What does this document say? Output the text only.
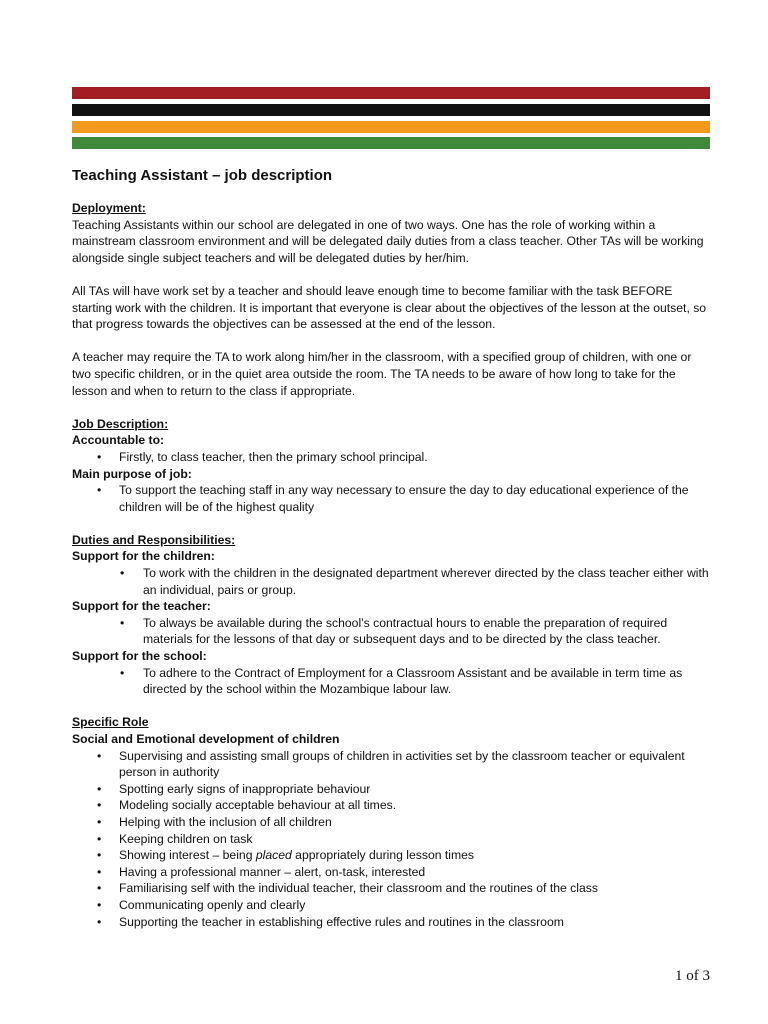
Teaching Assistant – job description
Deployment:

Teaching Assistants within our school are delegated in one of two ways. One has the role of working within a mainstream classroom environment and will be delegated daily duties from a class teacher. Other TAs will be working alongside single subject teachers and will be delegated duties by her/him.

All TAs will have work set by a teacher and should leave enough time to become familiar with the task BEFORE starting work with the children. It is important that everyone is clear about the objectives of the lesson at the outset, so that progress towards the objectives can be assessed at the end of the lesson.

A teacher may require the TA to work along him/her in the classroom, with a specified group of children, with one or two specific children, or in the quiet area outside the room. The TA needs to be aware of how long to take for the lesson and when to return to the class if appropriate.

Job Description:
Accountable to:
• Firstly, to class teacher, then the primary school principal.
Main purpose of job:
• To support the teaching staff in any way necessary to ensure the day to day educational experience of the children will be of the highest quality
Duties and Responsibilities:
Support for the children:
• To work with the children in the designated department wherever directed by the class teacher either with an individual, pairs or group.
Support for the teacher:
• To always be available during the school’s contractual hours to enable the preparation of required materials for the lessons of that day or subsequent days and to be directed by the class teacher.
Support for the school:
• To adhere to the Contract of Employment for a Classroom Assistant and be available in term time as directed by the school within the Mozambique labour law.
Specific Role
Social and Emotional development of children
• Supervising and assisting small groups of children in activities set by the classroom teacher or equivalent person in authority
• Spotting early signs of inappropriate behaviour
• Modeling socially acceptable behaviour at all times.
• Helping with the inclusion of all children
• Keeping children on task
• Showing interest – being placed appropriately during lesson times
• Having a professional manner – alert, on-task, interested
• Familiarising self with the individual teacher, their classroom and the routines of the class
• Communicating openly and clearly
• Supporting the teacher in establishing effective rules and routines in the classroom
1 of 3
